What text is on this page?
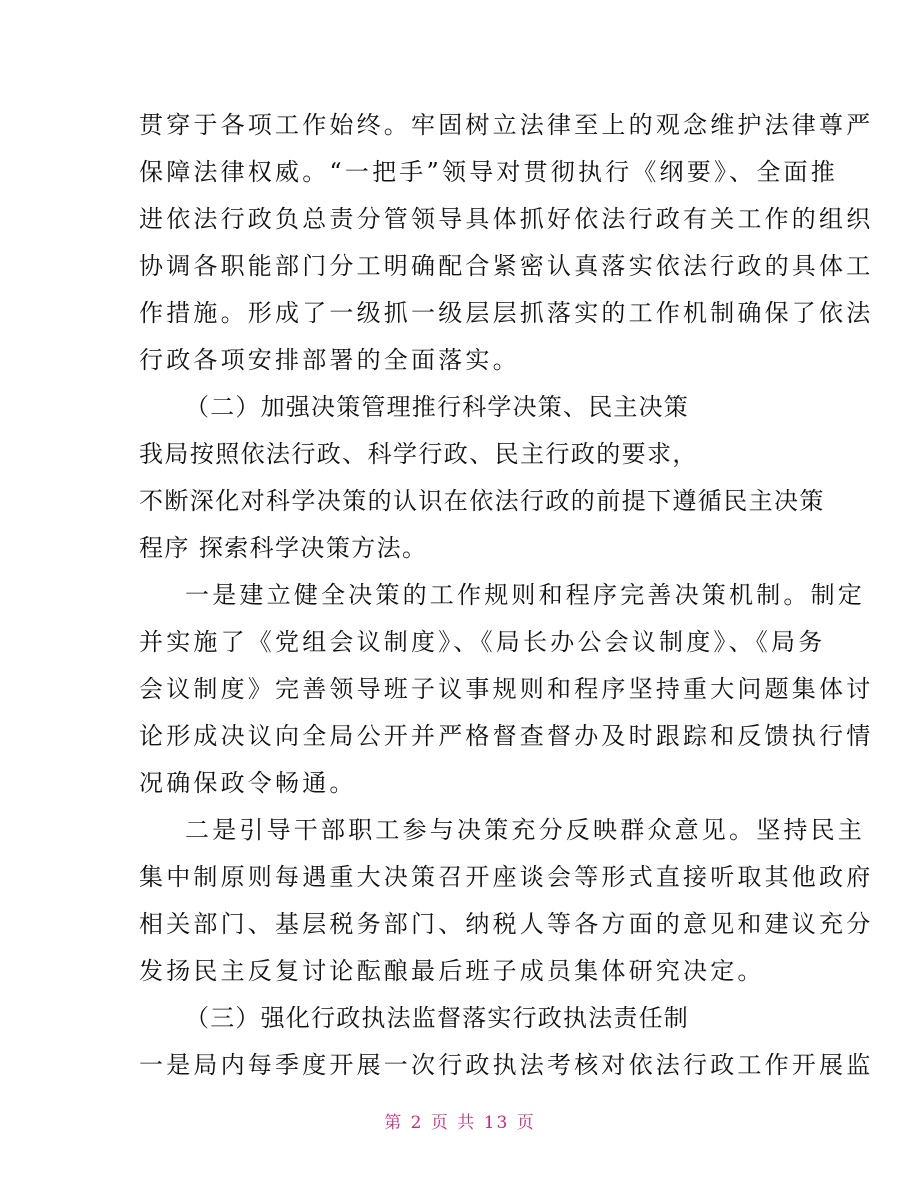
贯穿于各项工作始终。牢固树立法律至上的观念维护法律尊严
保障法律权威。“一把手”领导对贯彻执行《纲要》、全面推
进依法行政负总责分管领导具体抓好依法行政有关工作的组织
协调各职能部门分工明确配合紧密认真落实依法行政的具体工
作措施。形成了一级抓一级层层抓落实的工作机制确保了依法
行政各项安排部署的全面落实。
（二）加强决策管理推行科学决策、民主决策
我局按照依法行政、科学行政、民主行政的要求，
不断深化对科学决策的认识在依法行政的前提下遵循民主决策
程序 探索科学决策方法。
一是建立健全决策的工作规则和程序完善决策机制。制定
并实施了《党组会议制度》、《局长办公会议制度》、《局务
会议制度》完善领导班子议事规则和程序坚持重大问题集体讨
论形成决议向全局公开并严格督查督办及时跟踪和反馈执行情
况确保政令畅通。
二是引导干部职工参与决策充分反映群众意见。坚持民主
集中制原则每遇重大决策召开座谈会等形式直接听取其他政府
相关部门、基层税务部门、纳税人等各方面的意见和建议充分
发扬民主反复讨论酝酿最后班子成员集体研究决定。
（三）强化行政执法监督落实行政执法责任制
一是局内每季度开展一次行政执法考核对依法行政工作开展监
第 2 页 共 13 页
